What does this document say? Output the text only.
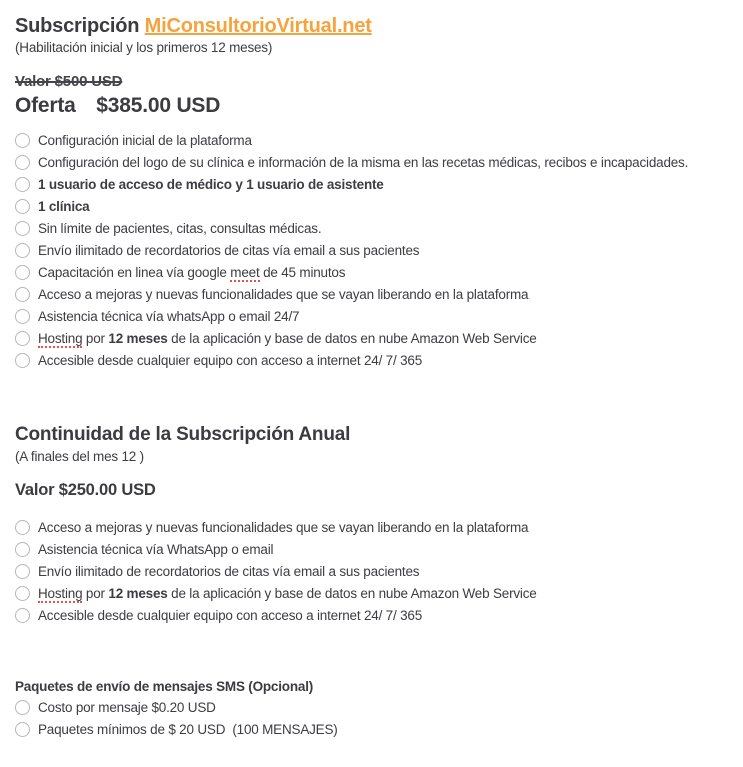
Subscripción MiConsultorioVirtual.net
(Habilitación inicial y los primeros 12 meses)
Valor $500 USD
Oferta $385.00 USD
Configuración inicial de la plataforma
Configuración del logo de su clínica e información de la misma en las recetas médicas, recibos e incapacidades.
1 usuario de acceso de médico y 1 usuario de asistente
1 clínica
Sin límite de pacientes, citas, consultas médicas.
Envío ilimitado de recordatorios de citas vía email a sus pacientes
Capacitación en linea vía google meet de 45 minutos
Acceso a mejoras y nuevas funcionalidades que se vayan liberando en la plataforma
Asistencia técnica vía whatsApp o email 24/7
Hosting por 12 meses de la aplicación y base de datos en nube Amazon Web Service
Accesible desde cualquier equipo con acceso a internet 24/ 7/ 365
Continuidad de la Subscripción Anual
(A finales del mes 12 )
Valor $250.00 USD
Acceso a mejoras y nuevas funcionalidades que se vayan liberando en la plataforma
Asistencia técnica vía WhatsApp o email
Envío ilimitado de recordatorios de citas vía email a sus pacientes
Hosting por 12 meses de la aplicación y base de datos en nube Amazon Web Service
Accesible desde cualquier equipo con acceso a internet 24/ 7/ 365
Paquetes de envío de mensajes SMS (Opcional)
Costo por mensaje $0.20 USD
Paquetes mínimos de $ 20 USD  (100 MENSAJES)
